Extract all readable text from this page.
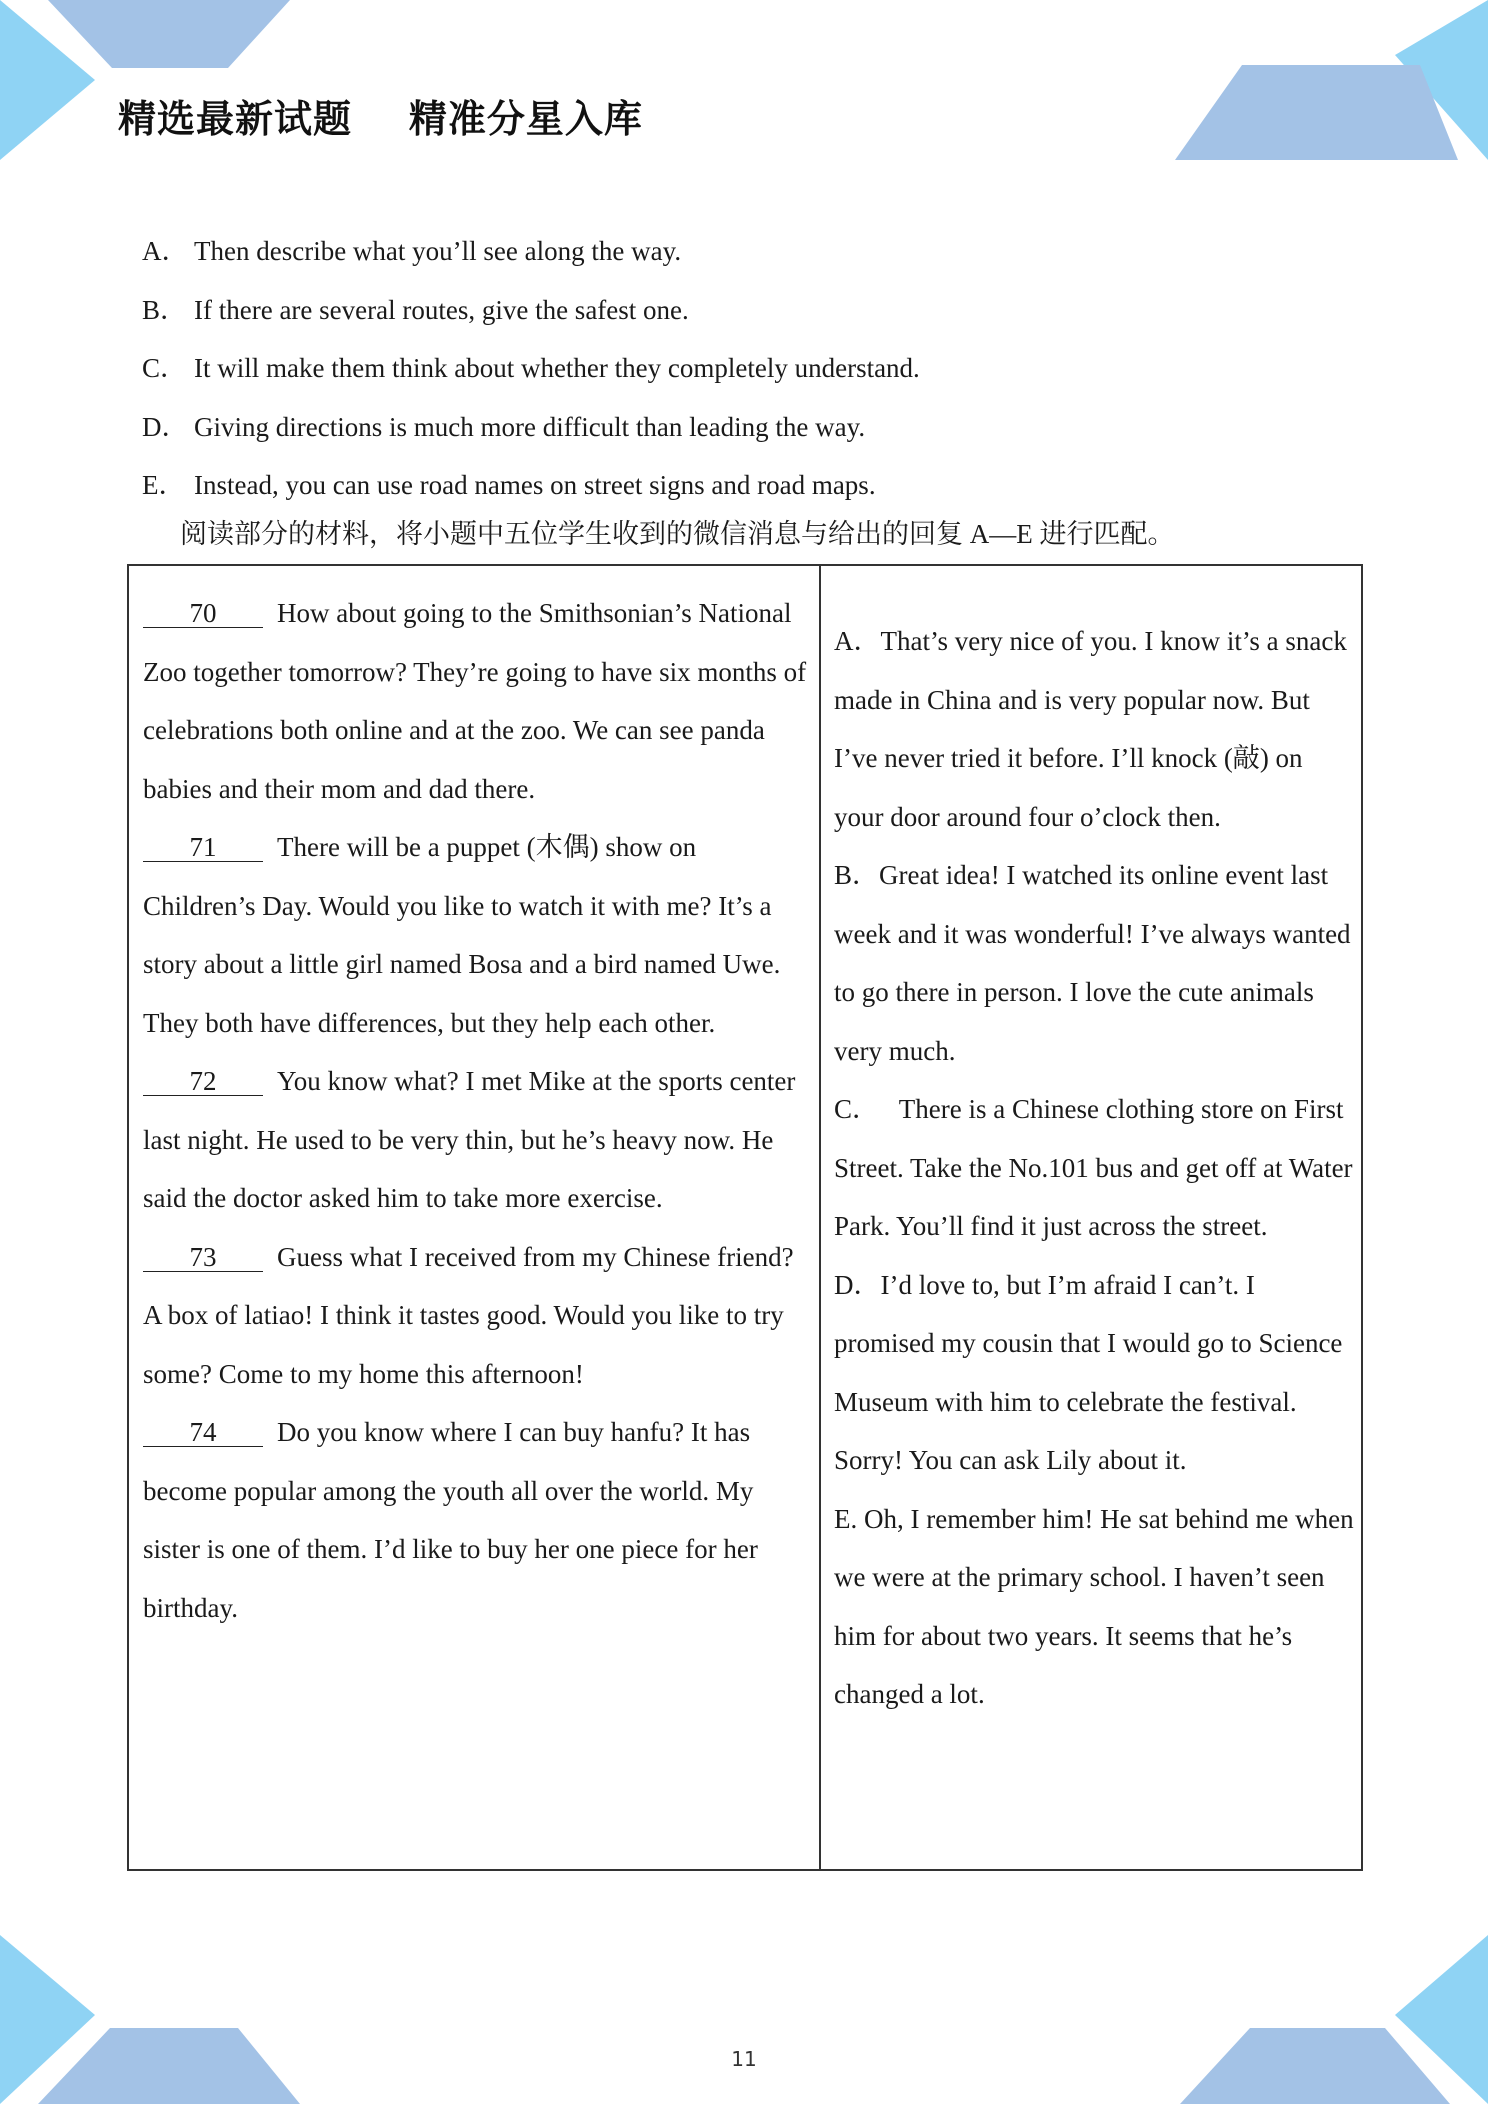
精选最新试题    精准分星入库
A． Then describe what you’ll see along the way.
B． If there are several routes, give the safest one.
C． It will make them think about whether they completely understand.
D． Giving directions is much more difficult than leading the way.
E． Instead, you can use road names on street signs and road maps.
阅读部分的材料，将小题中五位学生收到的微信消息与给出的回复 A—E 进行匹配。
70 How about going to the Smithsonian’s National Zoo together tomorrow? They’re going to have six months of celebrations both online and at the zoo. We can see panda babies and their mom and dad there.
71 There will be a puppet (木偶) show on Children’s Day. Would you like to watch it with me? It’s a story about a little girl named Bosa and a bird named Uwe. They both have differences, but they help each other.
72 You know what? I met Mike at the sports center last night. He used to be very thin, but he’s heavy now. He said the doctor asked him to take more exercise.
73 Guess what I received from my Chinese friend? A box of latiao! I think it tastes good. Would you like to try some? Come to my home this afternoon!
74 Do you know where I can buy hanfu? It has become popular among the youth all over the world. My sister is one of them. I’d like to buy her one piece for her birthday.
A．That’s very nice of you. I know it’s a snack made in China and is very popular now. But I’ve never tried it before. I’ll knock (敲) on your door around four o’clock then.
B．Great idea! I watched its online event last week and it was wonderful! I’ve always wanted to go there in person. I love the cute animals very much.
C．   There is a Chinese clothing store on First Street. Take the No.101 bus and get off at Water Park. You’ll find it just across the street.
D．I’d love to, but I’m afraid I can’t. I promised my cousin that I would go to Science Museum with him to celebrate the festival. Sorry! You can ask Lily about it.
E. Oh, I remember him! He sat behind me when we were at the primary school. I haven’t seen him for about two years. It seems that he’s changed a lot.
11
